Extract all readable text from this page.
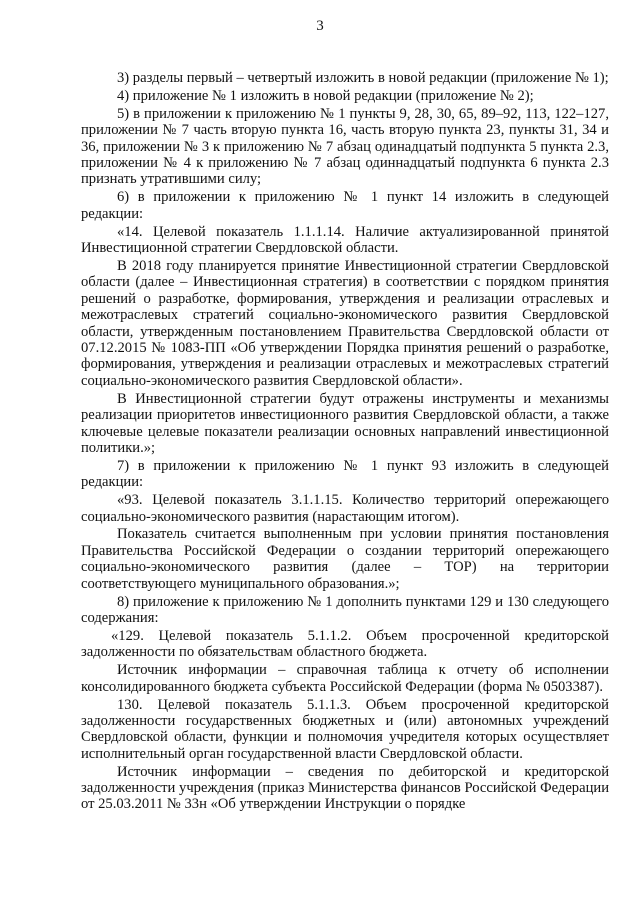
3

3) разделы первый – четвертый изложить в новой редакции (приложение № 1);

4) приложение № 1 изложить в новой редакции (приложение № 2);

5) в приложении к приложению № 1 пункты 9, 28, 30, 65, 89–92, 113, 122–127, приложении № 7 часть вторую пункта 16, часть вторую пункта 23, пункты 31, 34 и 36, приложении № 3 к приложению № 7 абзац одинадцатый подпункта 5 пункта 2.3, приложении № 4 к приложению № 7 абзац одиннадцатый подпункта 6 пункта 2.3 признать утратившими силу;

6) в приложении к приложению № 1 пункт 14 изложить в следующей редакции:

«14. Целевой показатель 1.1.1.14. Наличие актуализированной принятой Инвестиционной стратегии Свердловской области.

В 2018 году планируется принятие Инвестиционной стратегии Свердловской области (далее – Инвестиционная стратегия) в соответствии с порядком принятия решений о разработке, формирования, утверждения и реализации отраслевых и межотраслевых стратегий социально-экономического развития Свердловской области, утвержденным постановлением Правительства Свердловской области от 07.12.2015 № 1083-ПП «Об утверждении Порядка принятия решений о разработке, формирования, утверждения и реализации отраслевых и межотраслевых стратегий социально-экономического развития Свердловской области».

В Инвестиционной стратегии будут отражены инструменты и механизмы реализации приоритетов инвестиционного развития Свердловской области, а также ключевые целевые показатели реализации основных направлений инвестиционной политики.»;

7) в приложении к приложению № 1 пункт 93 изложить в следующей редакции:

«93. Целевой показатель 3.1.1.15. Количество территорий опережающего социально-экономического развития (нарастающим итогом).

Показатель считается выполненным при условии принятия постановления Правительства Российской Федерации о создании территорий опережающего социально-экономического развития (далее – ТОР) на территории соответствующего муниципального образования.»;

8) приложение к приложению № 1 дополнить пунктами 129 и 130 следующего содержания:

«129. Целевой показатель 5.1.1.2. Объем просроченной кредиторской задолженности по обязательствам областного бюджета.

Источник информации – справочная таблица к отчету об исполнении консолидированного бюджета субъекта Российской Федерации (форма № 0503387).

130. Целевой показатель 5.1.1.3. Объем просроченной кредиторской задолженности государственных бюджетных и (или) автономных учреждений Свердловской области, функции и полномочия учредителя которых осуществляет исполнительный орган государственной власти Свердловской области.

Источник информации – сведения по дебиторской и кредиторской задолженности учреждения (приказ Министерства финансов Российской Федерации от 25.03.2011 № 33н «Об утверждении Инструкции о порядке
